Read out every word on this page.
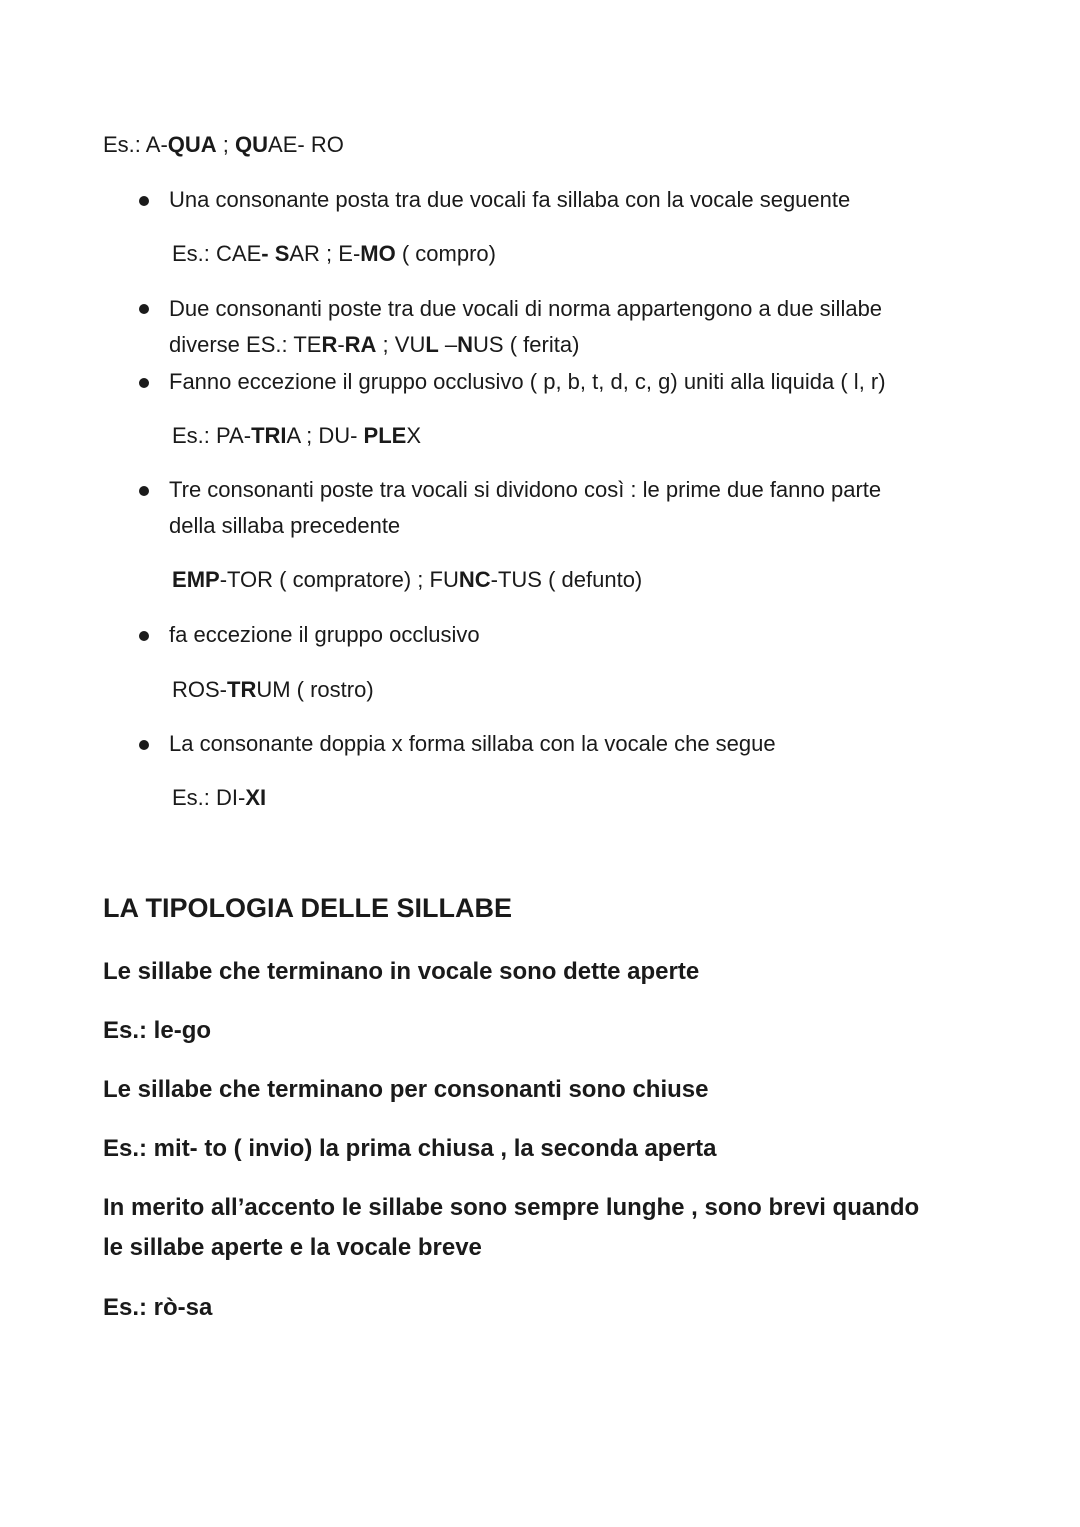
Es.: A-QUA ; QUAE- RO
Una consonante posta tra due vocali fa sillaba con la vocale seguente
Es.: CAE- SAR ; E-MO ( compro)
Due consonanti poste tra due vocali di norma appartengono a due sillabe
diverse ES.: TER-RA ; VUL –NUS ( ferita)
Fanno eccezione il gruppo occlusivo ( p, b, t, d, c, g) uniti alla liquida ( l, r)
Es.: PA-TRIA ; DU- PLEX
Tre consonanti poste tra vocali si dividono così : le prime due fanno parte
della sillaba precedente
EMP-TOR ( compratore) ; FUNC-TUS ( defunto)
fa eccezione il gruppo occlusivo
ROS-TRUM ( rostro)
La consonante doppia x forma sillaba con la vocale che segue
Es.: DI-XI
LA TIPOLOGIA DELLE SILLABE
Le sillabe che terminano in vocale sono dette aperte
Es.: le-go
Le sillabe che terminano per consonanti sono chiuse
Es.: mit- to ( invio) la prima chiusa , la seconda aperta
In merito all’accento le sillabe sono sempre lunghe , sono brevi quando
le sillabe aperte e la vocale breve
Es.: rò-sa
